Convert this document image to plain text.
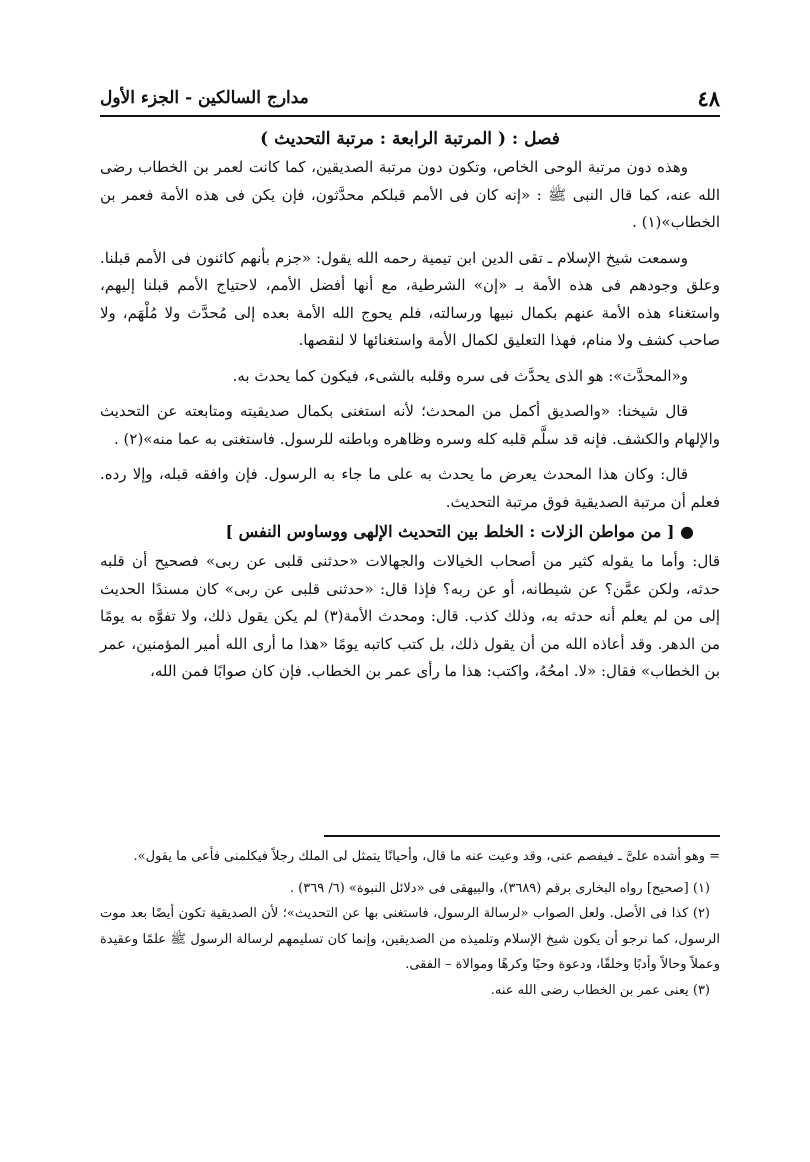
٤٨
مدارج السالكين - الجزء الأول
فصل : ( المرتبة الرابعة : مرتبة التحديث )

وهذه دون مرتبة الوحى الخاص، وتكون دون مرتبة الصديقين، كما كانت لعمر بن الخطاب رضى الله عنه، كما قال النبى ﷺ : «إنه كان فى الأمم قبلكم محدَّثون، فإن يكن فى هذه الأمة فعمر بن الخطاب»(١) .

وسمعت شيخ الإسلام ـ تقى الدين ابن تيمية رحمه الله يقول: «جزم بأنهم كائنون فى الأمم قبلنا. وعلق وجودهم فى هذه الأمة بـ «إن» الشرطية، مع أنها أفضل الأمم، لاحتياج الأمم قبلنا إليهم، واستغناء هذه الأمة عنهم بكمال نبيها ورسالته، فلم يحوج الله الأمة بعده إلى مُحدَّث ولا مُلْهَم، ولا صاحب كشف ولا منام، فهذا التعليق لكمال الأمة واستغنائها لا لنقصها.

و«المحدَّث»: هو الذى يحدَّث فى سره وقلبه بالشىء، فيكون كما يحدث به.

قال شيخنا: «والصديق أكمل من المحدث؛ لأنه استغنى بكمال صديقيته ومتابعته عن التحديث والإلهام والكشف. فإنه قد سلَّم قلبه كله وسره وظاهره وباطنه للرسول. فاستغنى به عما منه»(٢) .

قال: وكان هذا المحدث يعرض ما يحدث به على ما جاء به الرسول. فإن وافقه قبله، وإلا رده. فعلم أن مرتبة الصديقية فوق مرتبة التحديث.

● [ من مواطن الزلات : الخلط بين التحديث الإلهى ووساوس النفس ]

قال: وأما ما يقوله كثير من أصحاب الخيالات والجهالات «حدثنى قلبى عن ربى» فصحيح أن قلبه حدثه، ولكن عمَّن؟ عن شيطانه، أو عن ربه؟ فإذا قال: «حدثنى قلبى عن ربى» كان مسندًا الحديث إلى من لم يعلم أنه حدثه به، وذلك كذب. قال: ومحدث الأمة(٣) لم يكن يقول ذلك، ولا تفوَّه به يومًا من الدهر. وقد أعاذه الله من أن يقول ذلك، بل كتب كاتبه يومًا «هذا ما أرى الله أمير المؤمنين، عمر بن الخطاب» فقال: «لا. امحُهُ، واكتب: هذا ما رأى عمر بن الخطاب. فإن كان صوابًا فمن الله،

= وهو أشده علىَّ ـ فيفصم عنى، وقد وعيت عنه ما قال، وأحيانًا يتمثل لى الملك رجلاً فيكلمنى فأعى ما يقول».

(١) [صحيح] رواه البخارى برقم (٣٦٨٩)، والبيهقى فى «دلائل النبوة» (٦/ ٣٦٩) .

(٢) كذا فى الأصل. ولعل الصواب «لرسالة الرسول، فاستغنى بها عن التحديث»؛ لأن الصديقية تكون أيضًا بعد موت الرسول، كما نرجو أن يكون شيخ الإسلام وتلميذه من الصديقين، وإنما كان تسليمهم لرسالة الرسول ﷺ علمًا وعقيدة وعملاً وحالاً وأدبًا وخلقًا، ودعوة وحبًا وكرهًا وموالاة – الفقى.

(٣) يعنى عمر بن الخطاب رضى الله عنه.
